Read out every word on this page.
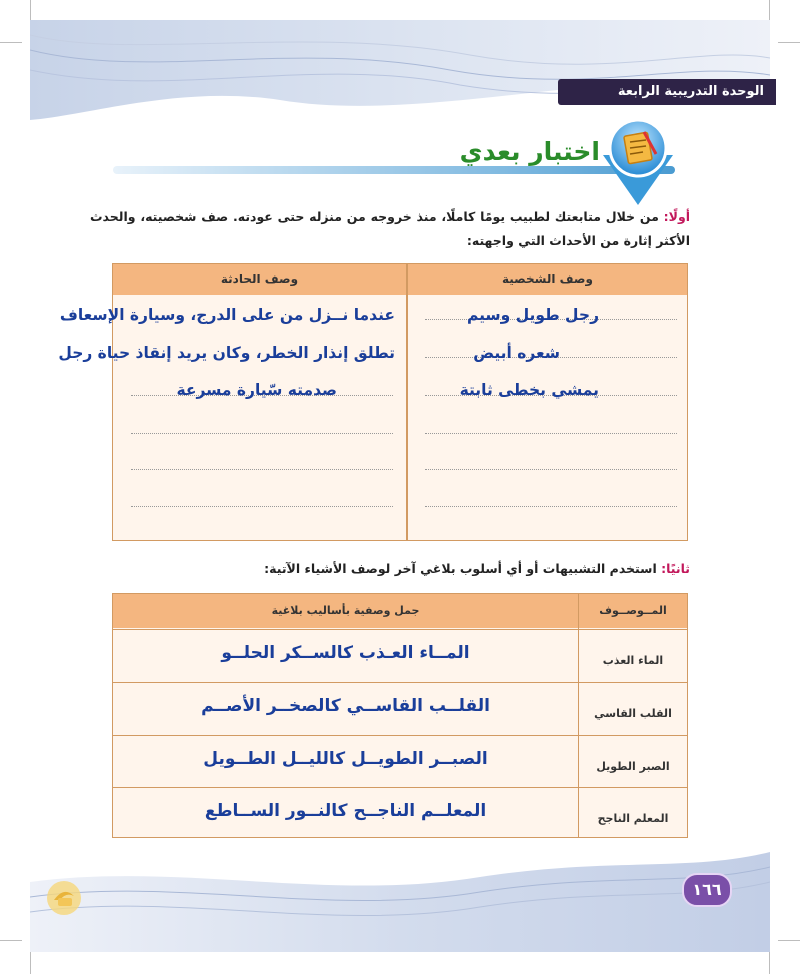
الوحدة التدريبية الرابعة
اختبار بعدي
أولًا: من خلال متابعتك لطبيب يومًا كاملًا، منذ خروجه من منزله حتى عودته. صف شخصيته، والحدث الأكثر إثارة من الأحداث التي واجهته:
وصف الشخصية
وصف الحادثة
رجل طويل وسيم
شعره أبيض
يمشي بخطى ثابتة
عندما نــزل من على الدرج، وسيارة الإسعاف
تطلق إنذار الخطر، وكان يريد إنقاذ حياة رجل
صدمته سّيارة مسرعة
ثانيًا: استخدم التشبيهات أو أي أسلوب بلاغي آخر لوصف الأشياء الآتية:
المــوصــوف
جمل وصفية بأساليب بلاغية
الماء العذب
المــاء العـذب كالســكر الحلــو
القلب القاسي
القلــب القاســي كالصخــر الأصــم
الصبر الطويل
الصبــر الطويــل كالليــل الطــويل
المعلم الناجح
المعلــم الناجــح كالنــور الســاطع
١٦٦
